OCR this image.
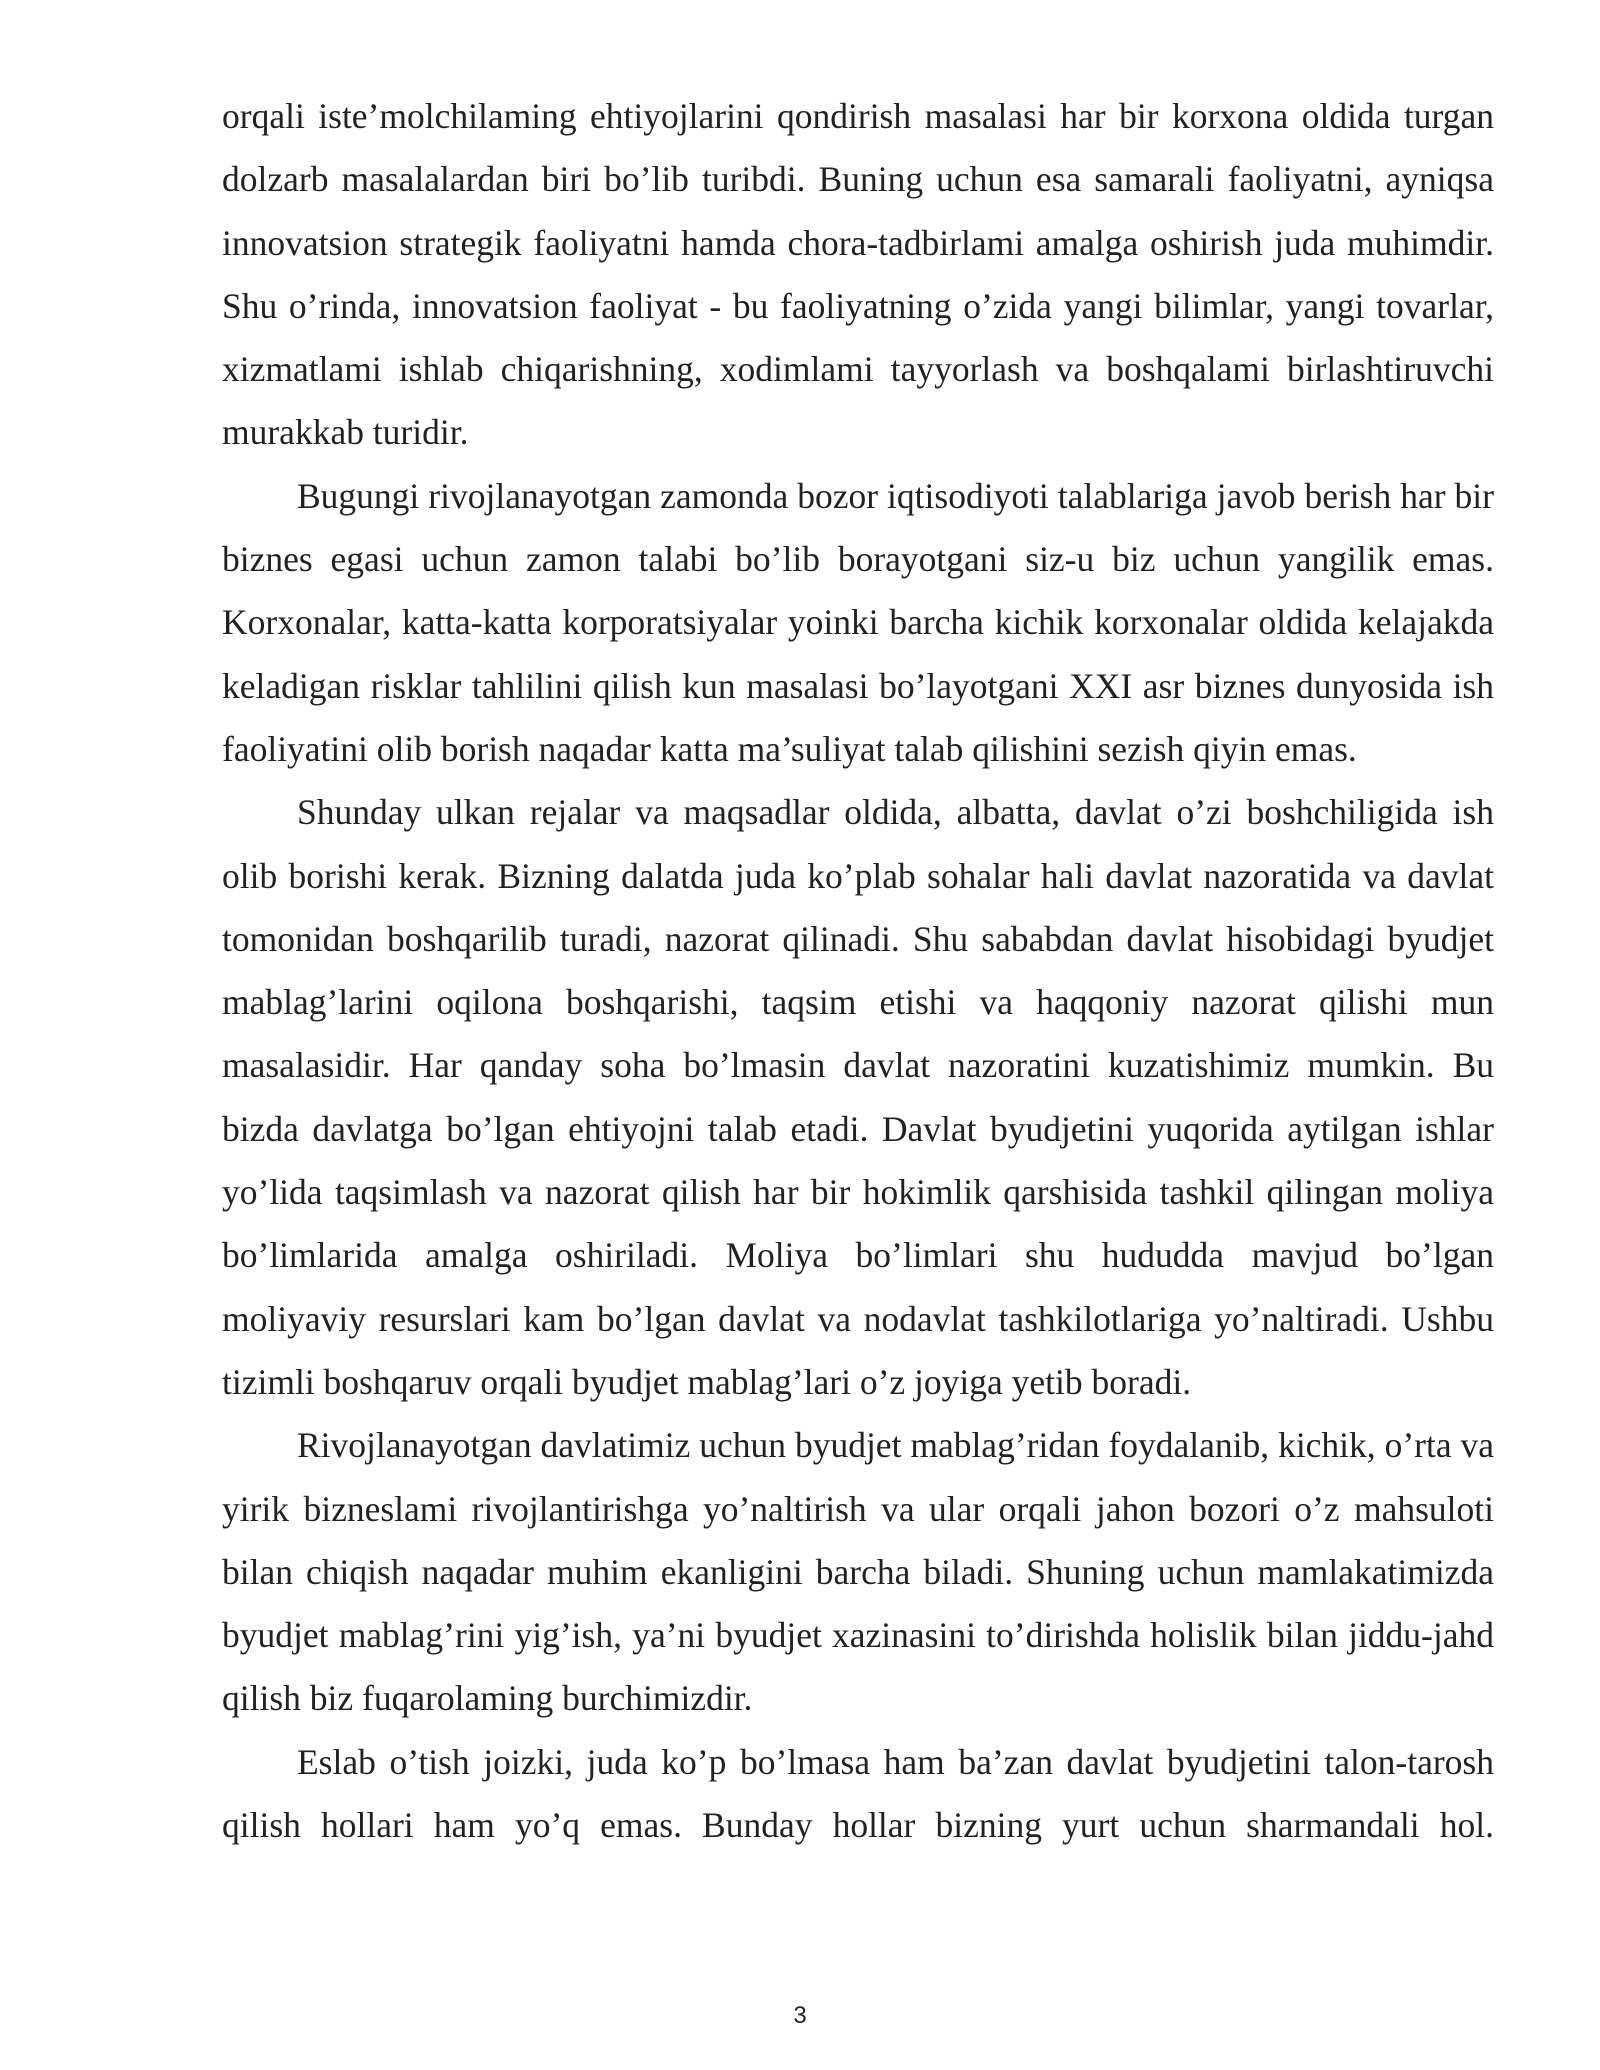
orqali iste’molchilaming ehtiyojlarini qondirish masalasi har bir korxona oldida turgan dolzarb masalalardan biri bo’lib turibdi. Buning uchun esa samarali faoliyatni, ayniqsa innovatsion strategik faoliyatni hamda chora-tadbirlami amalga oshirish juda muhimdir. Shu o’rinda, innovatsion faoliyat - bu faoliyatning o’zida yangi bilimlar, yangi tovarlar, xizmatlami ishlab chiqarishning, xodimlami tayyorlash va boshqalami birlashtiruvchi murakkab turidir.

Bugungi rivojlanayotgan zamonda bozor iqtisodiyoti talablariga javob berish har bir biznes egasi uchun zamon talabi bo’lib borayotgani siz-u biz uchun yangilik emas. Korxonalar, katta-katta korporatsiyalar yoinki barcha kichik korxonalar oldida kelajakda keladigan risklar tahlilini qilish kun masalasi bo’layotgani XXI asr biznes dunyosida ish faoliyatini olib borish naqadar katta ma’suliyat talab qilishini sezish qiyin emas.

Shunday ulkan rejalar va maqsadlar oldida, albatta, davlat o’zi boshchiligida ish olib borishi kerak. Bizning dalatda juda ko’plab sohalar hali davlat nazoratida va davlat tomonidan boshqarilib turadi, nazorat qilinadi. Shu sababdan davlat hisobidagi byudjet mablag’larini oqilona boshqarishi, taqsim etishi va haqqoniy nazorat qilishi mun masalasidir. Har qanday soha bo’lmasin davlat nazoratini kuzatishimiz mumkin. Bu bizda davlatga bo’lgan ehtiyojni talab etadi. Davlat byudjetini yuqorida aytilgan ishlar yo’lida taqsimlash va nazorat qilish har bir hokimlik qarshisida tashkil qilingan moliya bo’limlarida amalga oshiriladi. Moliya bo’limlari shu hududda mavjud bo’lgan moliyaviy resurslari kam bo’lgan davlat va nodavlat tashkilotlariga yo’naltiradi. Ushbu tizimli boshqaruv orqali byudjet mablag’lari o’z joyiga yetib boradi.

Rivojlanayotgan davlatimiz uchun byudjet mablag’ridan foydalanib, kichik, o’rta va yirik bizneslami rivojlantirishga yo’naltirish va ular orqali jahon bozori o’z mahsuloti bilan chiqish naqadar muhim ekanligini barcha biladi. Shuning uchun mamlakatimizda byudjet mablag’rini yig’ish, ya’ni byudjet xazinasini to’dirishda holislik bilan jiddu-jahd qilish biz fuqarolaming burchimizdir.

Eslab o’tish joizki, juda ko’p bo’lmasa ham ba’zan davlat byudjetini talon-tarosh qilish hollari ham yo’q emas. Bunday hollar bizning yurt uchun sharmandali hol.

3
